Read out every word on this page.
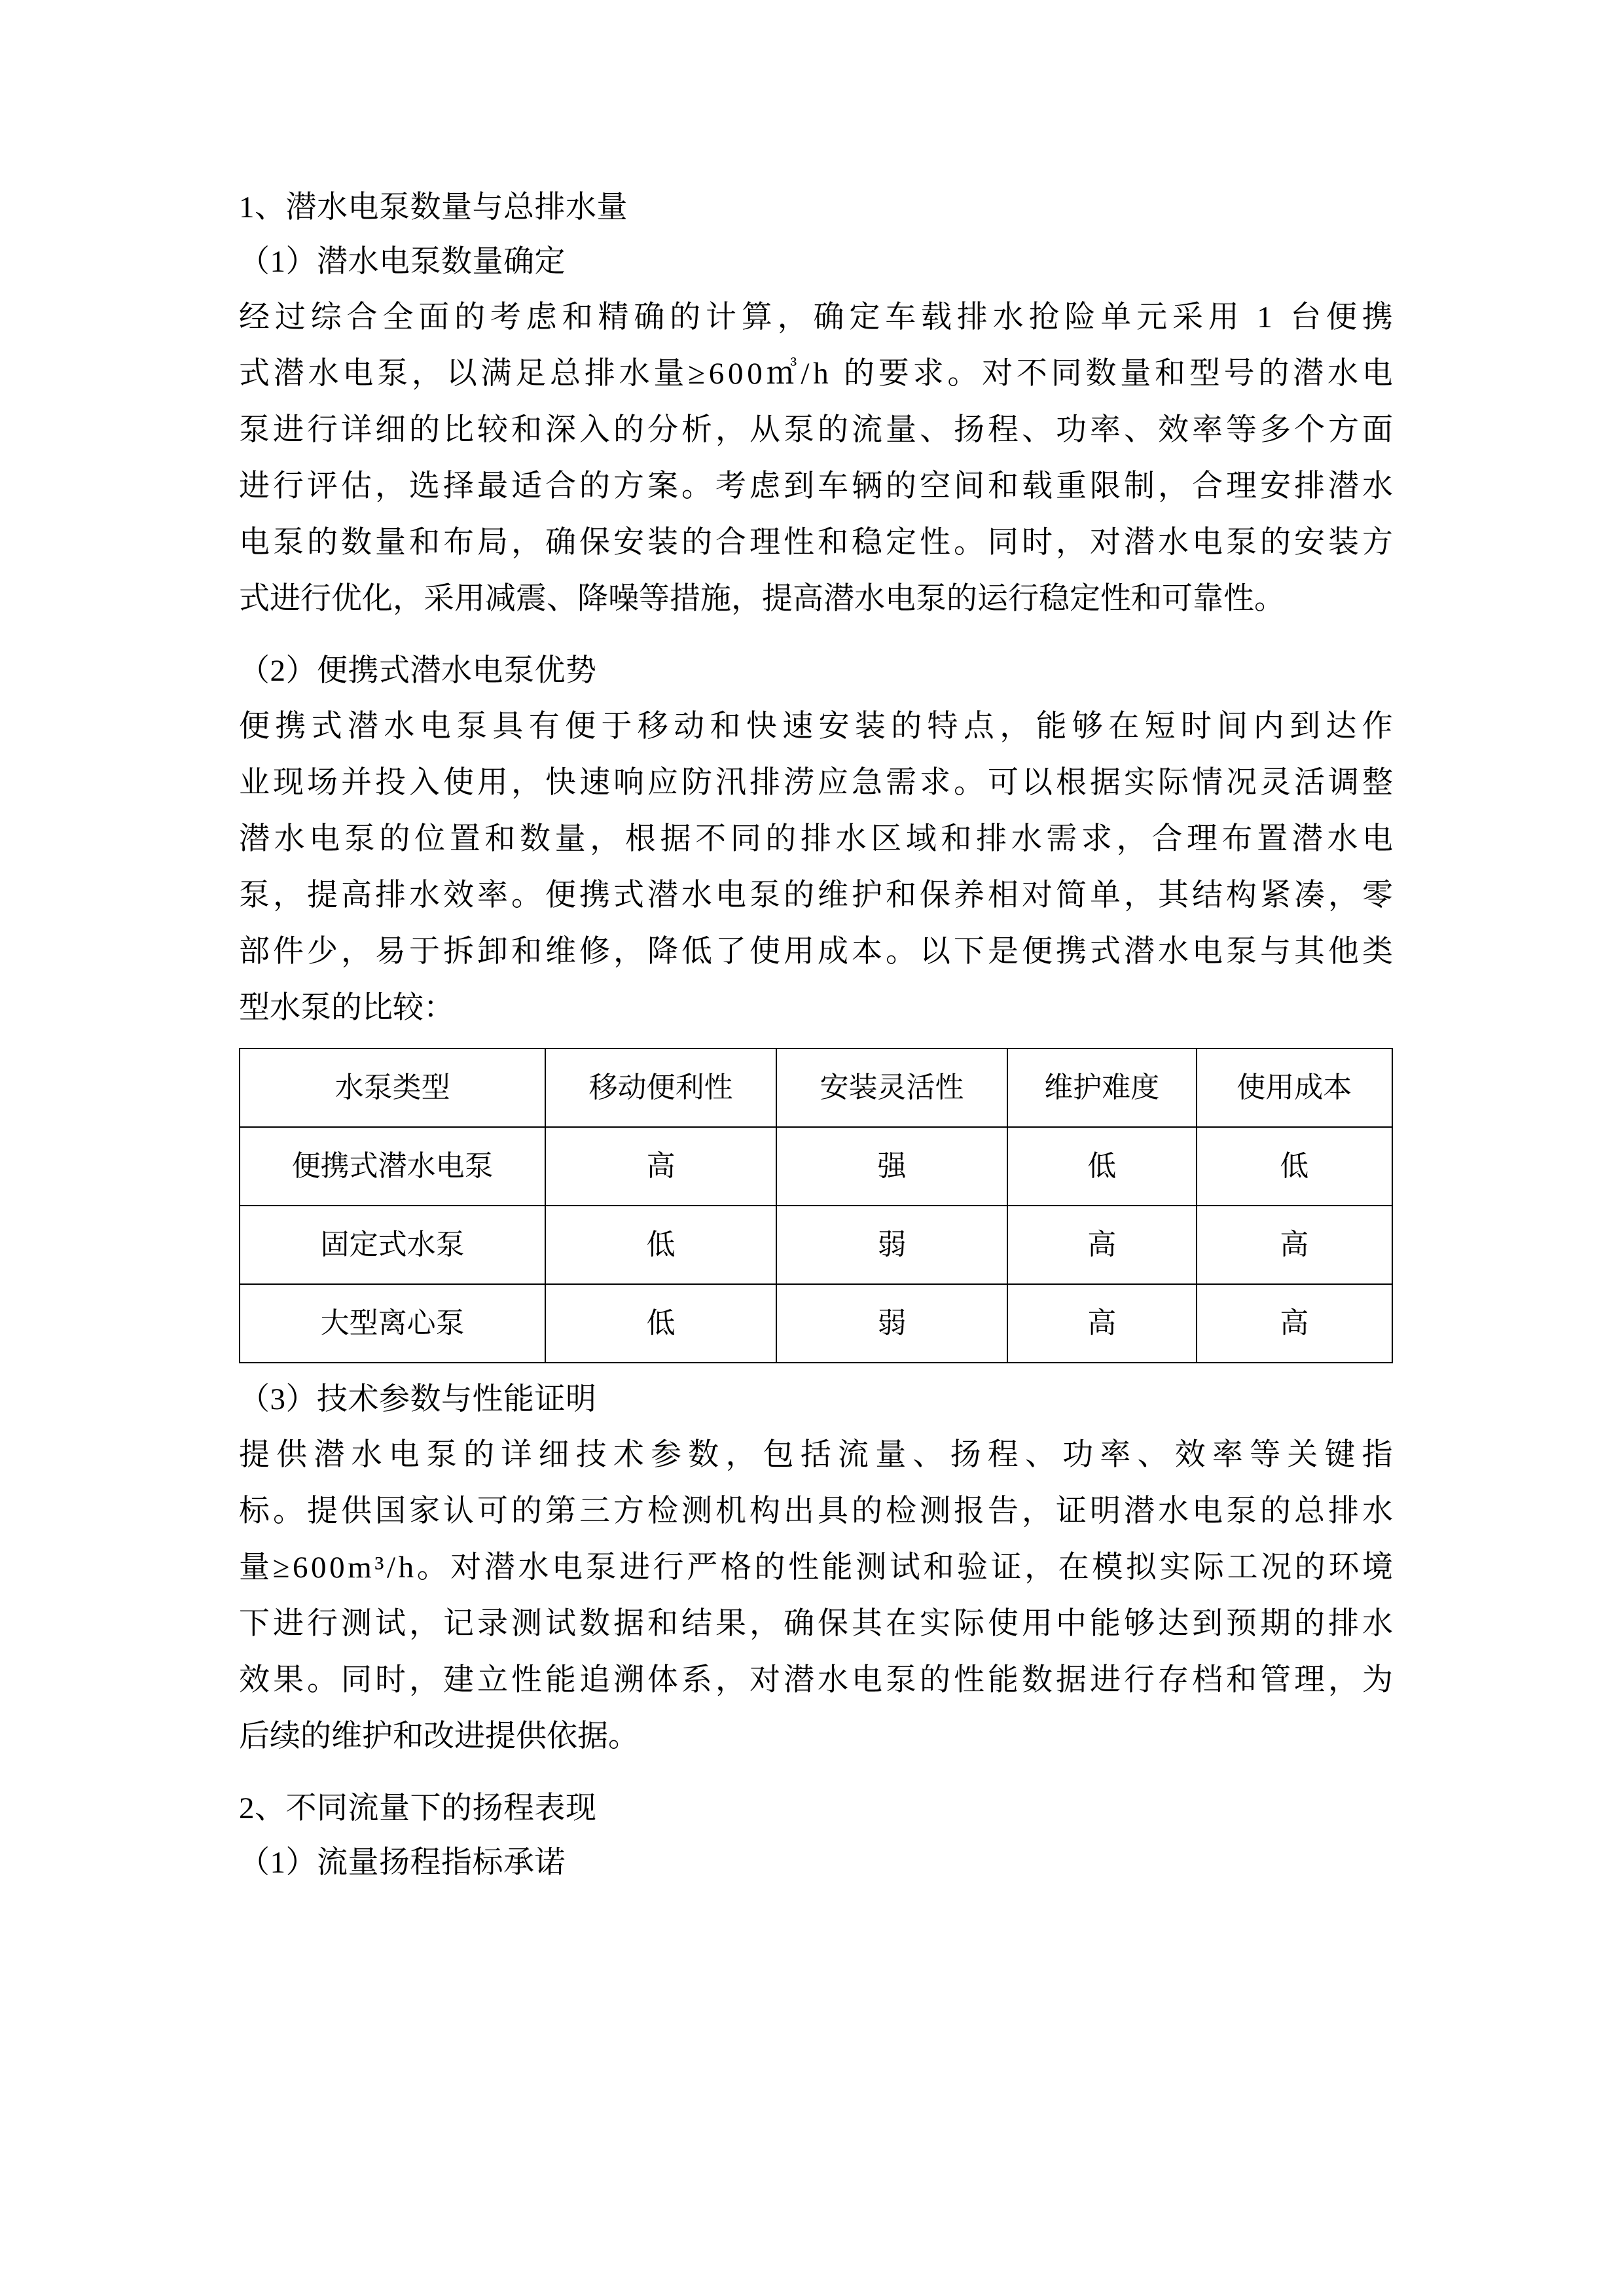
1、潜水电泵数量与总排水量
（1）潜水电泵数量确定
经 过 综 合 全 面 的 考 虑 和 精 确 的 计 算 ， 确 定 车 载 排 水 抢 险 单 元 采 用
1
台 便 携
式 潜 水 电 泵 ， 以 满 足 总 排 水 量 ≥ 6 0 0 ㎥ / h
的 要 求 。 对 不 同 数 量 和 型 号 的 潜 水 电
泵 进 行 详 细 的 比 较 和 深 入 的 分 析 ， 从 泵 的 流 量 、 扬 程 、 功 率 、 效 率 等 多 个 方 面
进 行 评 估 ， 选 择 最 适 合 的 方 案 。 考 虑 到 车 辆 的 空 间 和 载 重 限 制 ， 合 理 安 排 潜 水
电 泵 的 数 量 和 布 局 ， 确 保 安 装 的 合 理 性 和 稳 定 性 。 同 时 ， 对 潜 水 电 泵 的 安 装 方
式进行优化，采用减震、降噪等措施，提高潜水电泵的运行稳定性和可靠性。
（2）便携式潜水电泵优势
便 携 式 潜 水 电 泵 具 有 便 于 移 动 和 快 速 安 装 的 特 点 ， 能 够 在 短 时 间 内 到 达 作
业 现 场 并 投 入 使 用 ， 快 速 响 应 防 汛 排 涝 应 急 需 求 。 可 以 根 据 实 际 情 况 灵 活 调 整
潜 水 电 泵 的 位 置 和 数 量 ， 根 据 不 同 的 排 水 区 域 和 排 水 需 求 ， 合 理 布 置 潜 水 电
泵 ， 提 高 排 水 效 率 。 便 携 式 潜 水 电 泵 的 维 护 和 保 养 相 对 简 单 ， 其 结 构 紧 凑 ， 零
部 件 少 ， 易 于 拆 卸 和 维 修 ， 降 低 了 使 用 成 本 。 以 下 是 便 携 式 潜 水 电 泵 与 其 他 类
型水泵的比较：
水泵类型	移动便利性	安装灵活性	维护难度	使用成本
便携式潜水电泵	高	强	低	低
固定式水泵	低	弱	高	高
大型离心泵	低	弱	高	高
（3）技术参数与性能证明
提 供 潜 水 电 泵 的 详 细 技 术 参 数 ， 包 括 流 量 、 扬 程 、 功 率 、 效 率 等 关 键 指
标 。 提 供 国 家 认 可 的 第 三 方 检 测 机 构 出 具 的 检 测 报 告 ， 证 明 潜 水 电 泵 的 总 排 水
量 ≥ 6 0 0 m ³ / h 。 对 潜 水 电 泵 进 行 严 格 的 性 能 测 试 和 验 证 ， 在 模 拟 实 际 工 况 的 环 境
下 进 行 测 试 ， 记 录 测 试 数 据 和 结 果 ， 确 保 其 在 实 际 使 用 中 能 够 达 到 预 期 的 排 水
效 果 。 同 时 ， 建 立 性 能 追 溯 体 系 ， 对 潜 水 电 泵 的 性 能 数 据 进 行 存 档 和 管 理 ， 为
后续的维护和改进提供依据。
2、不同流量下的扬程表现
（1）流量扬程指标承诺
